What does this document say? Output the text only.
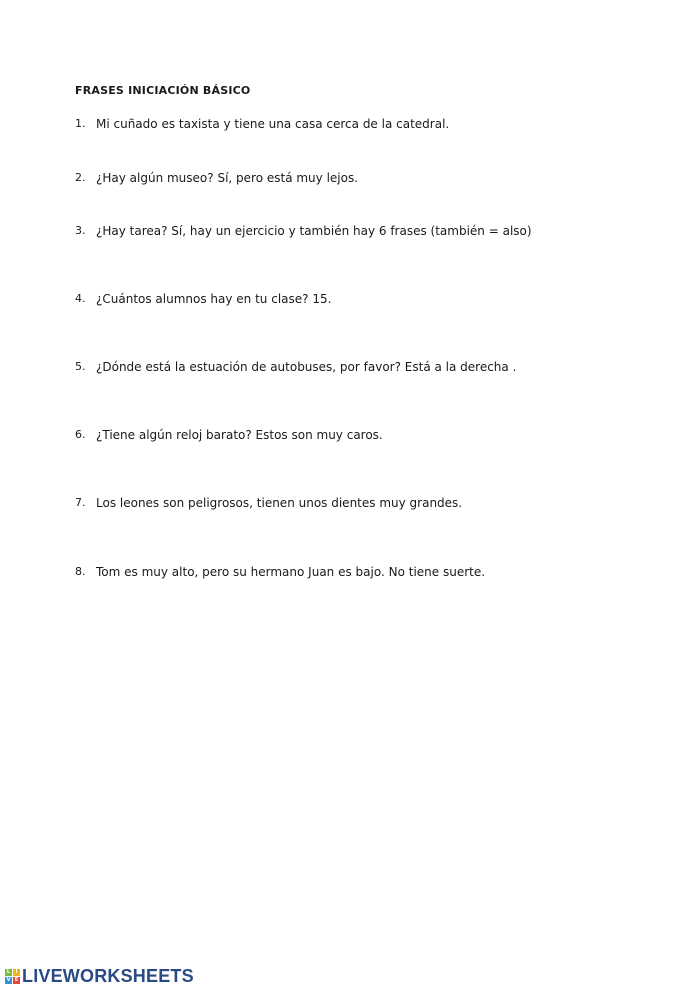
FRASES INICIACIÓN BÁSICO
1. Mi cuñado es taxista y tiene una casa cerca de la catedral.
2. ¿Hay algún museo? Sí, pero está muy lejos.
3. ¿Hay tarea? Sí, hay un ejercicio y también hay 6 frases (también = also)
4. ¿Cuántos alumnos hay en tu clase? 15.
5. ¿Dónde está la estuación de autobuses, por favor? Está a la derecha .
6. ¿Tiene algún reloj barato? Estos son muy caros.
7. Los leones son peligrosos, tienen unos dientes muy grandes.
8. Tom es muy alto, pero su hermano Juan es bajo. No tiene suerte.
L	I
V E LIVEWORKSHEETS
